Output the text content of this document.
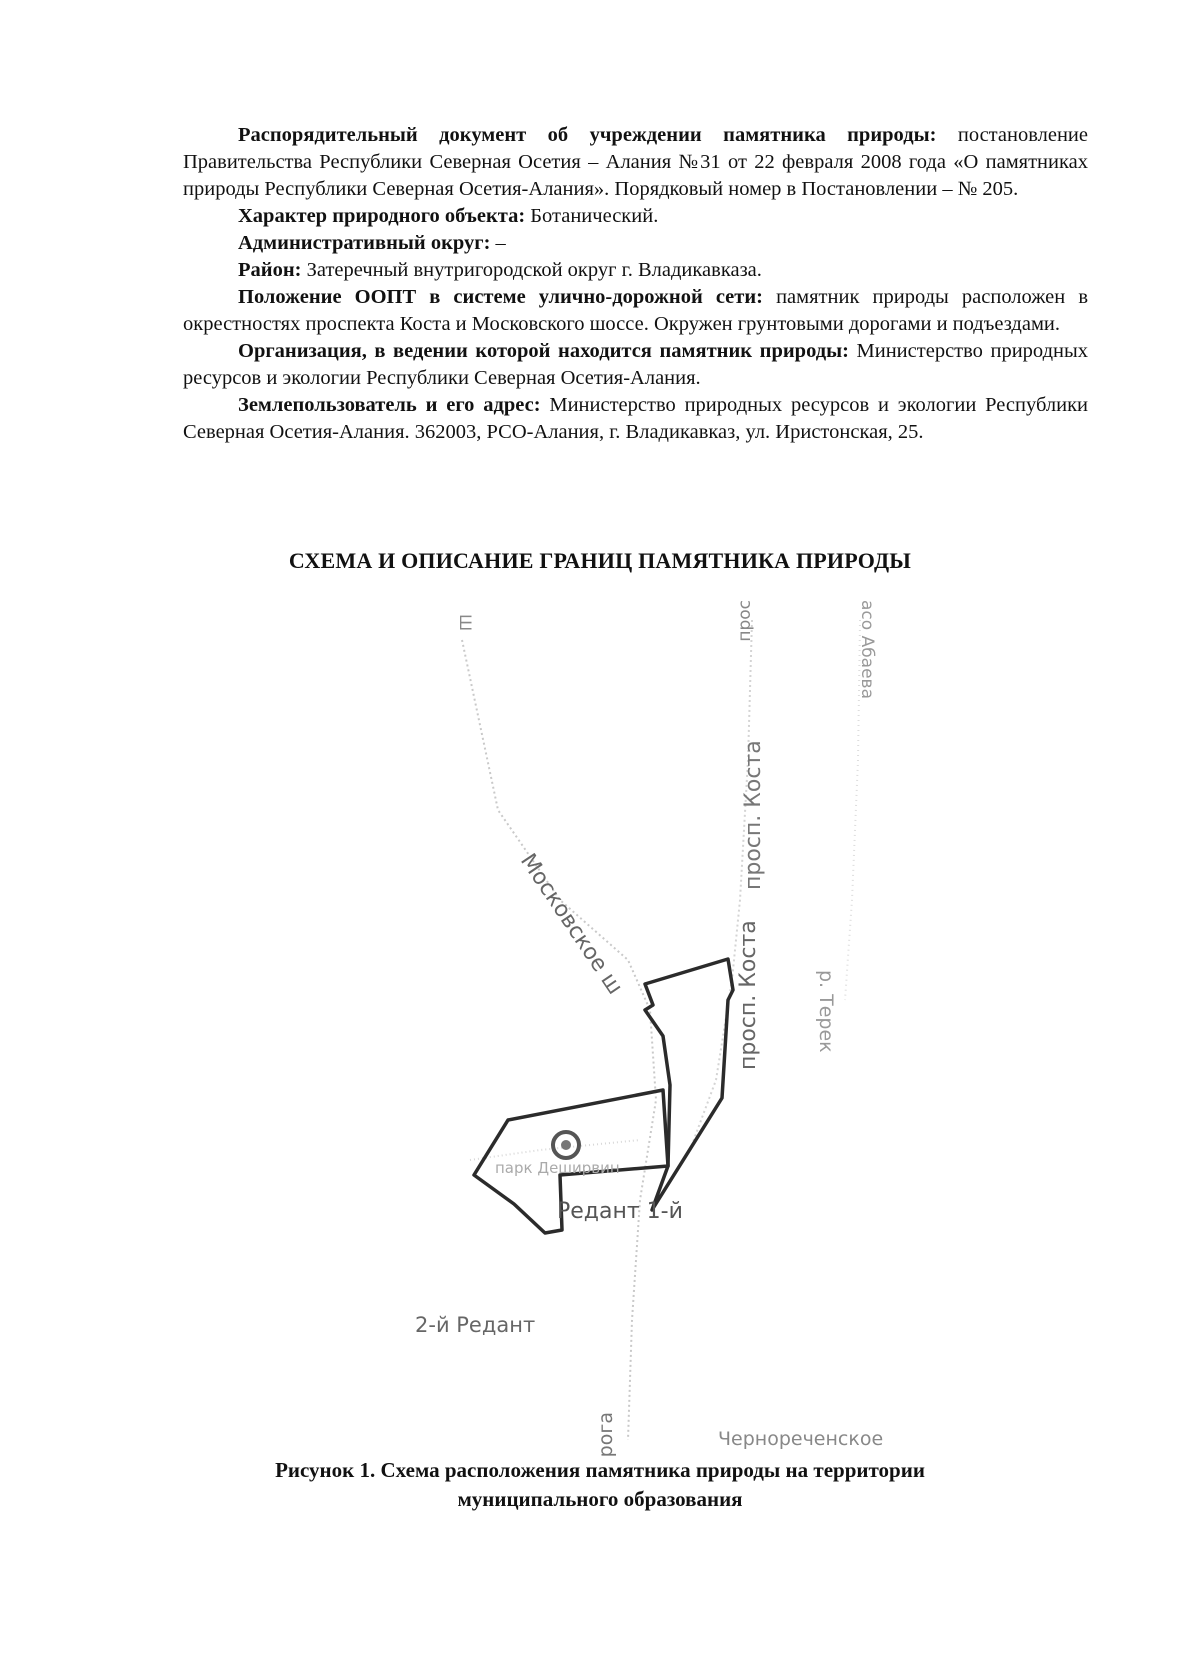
Распорядительный документ об учреждении памятника природы: постановление Правительства Республики Северная Осетия – Алания №31 от 22 февраля 2008 года «О памятниках природы Республики Северная Осетия-Алания». Порядковый номер в Постановлении – № 205.

Характер природного объекта: Ботанический.

Административный округ: –

Район: Затеречный внутригородской округ г. Владикавказа.

Положение ООПТ в системе улично-дорожной сети: памятник природы расположен в окрестностях проспекта Коста и Московского шоссе. Окружен грунтовыми дорогами и подъездами.

Организация, в ведении которой находится памятник природы: Министерство природных ресурсов и экологии Республики Северная Осетия-Алания.

Землепользователь и его адрес: Министерство природных ресурсов и экологии Республики Северная Осетия-Алания. 362003, РСО-Алания, г. Владикавказ, ул. Иристонская, 25.

СХЕМА И ОПИСАНИЕ ГРАНИЦ ПАМЯТНИКА ПРИРОДЫ
Ш	прос	асо Абаева
просп. Коста
Московское ш	просп. Коста	р. Терек
парк Деширвин
Редант 1-й
2-й Редант
рога	Чернореченское
Рисунок 1. Схема расположения памятника природы на территории
муниципального образования
